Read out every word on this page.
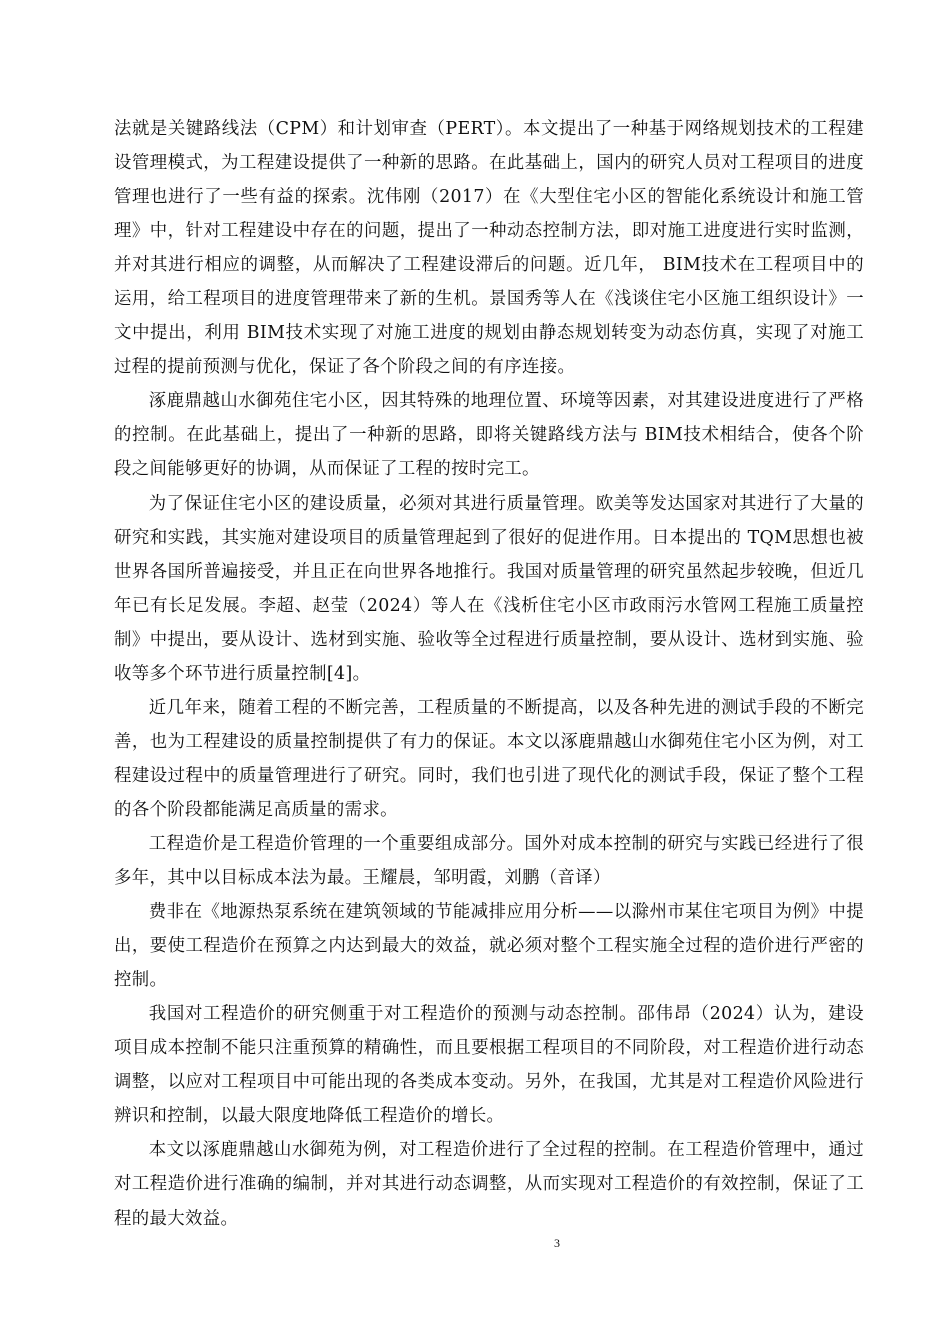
法就是关键路线法（CPM）和计划审查（PERT）。本文提出了一种基于网络规划技术的工程建设管理模式，为工程建设提供了一种新的思路。在此基础上，国内的研究人员对工程项目的进度管理也进行了一些有益的探索。沈伟刚（2017）在《大型住宅小区的智能化系统设计和施工管理》中，针对工程建设中存在的问题，提出了一种动态控制方法，即对施工进度进行实时监测，并对其进行相应的调整，从而解决了工程建设滞后的问题。近几年， BIM技术在工程项目中的运用，给工程项目的进度管理带来了新的生机。景国秀等人在《浅谈住宅小区施工组织设计》一文中提出，利用 BIM技术实现了对施工进度的规划由静态规划转变为动态仿真，实现了对施工过程的提前预测与优化，保证了各个阶段之间的有序连接。

涿鹿鼎越山水御苑住宅小区，因其特殊的地理位置、环境等因素，对其建设进度进行了严格的控制。在此基础上，提出了一种新的思路，即将关键路线方法与 BIM技术相结合，使各个阶段之间能够更好的协调，从而保证了工程的按时完工。

为了保证住宅小区的建设质量，必须对其进行质量管理。欧美等发达国家对其进行了大量的研究和实践，其实施对建设项目的质量管理起到了很好的促进作用。日本提出的 TQM思想也被世界各国所普遍接受，并且正在向世界各地推行。我国对质量管理的研究虽然起步较晚，但近几年已有长足发展。李超、赵莹（2024）等人在《浅析住宅小区市政雨污水管网工程施工质量控制》中提出，要从设计、选材到实施、验收等全过程进行质量控制，要从设计、选材到实施、验收等多个环节进行质量控制[4]。

近几年来，随着工程的不断完善，工程质量的不断提高，以及各种先进的测试手段的不断完善，也为工程建设的质量控制提供了有力的保证。本文以涿鹿鼎越山水御苑住宅小区为例，对工程建设过程中的质量管理进行了研究。同时，我们也引进了现代化的测试手段，保证了整个工程的各个阶段都能满足高质量的需求。

工程造价是工程造价管理的一个重要组成部分。国外对成本控制的研究与实践已经进行了很多年，其中以目标成本法为最。王耀晨，邹明霞，刘鹏（音译）

费非在《地源热泵系统在建筑领域的节能减排应用分析——以滁州市某住宅项目为例》中提出，要使工程造价在预算之内达到最大的效益，就必须对整个工程实施全过程的造价进行严密的控制。

我国对工程造价的研究侧重于对工程造价的预测与动态控制。邵伟昂（2024）认为，建设项目成本控制不能只注重预算的精确性，而且要根据工程项目的不同阶段，对工程造价进行动态调整，以应对工程项目中可能出现的各类成本变动。另外，在我国，尤其是对工程造价风险进行辨识和控制，以最大限度地降低工程造价的增长。

本文以涿鹿鼎越山水御苑为例，对工程造价进行了全过程的控制。在工程造价管理中，通过对工程造价进行准确的编制，并对其进行动态调整，从而实现对工程造价的有效控制，保证了工程的最大效益。

3
